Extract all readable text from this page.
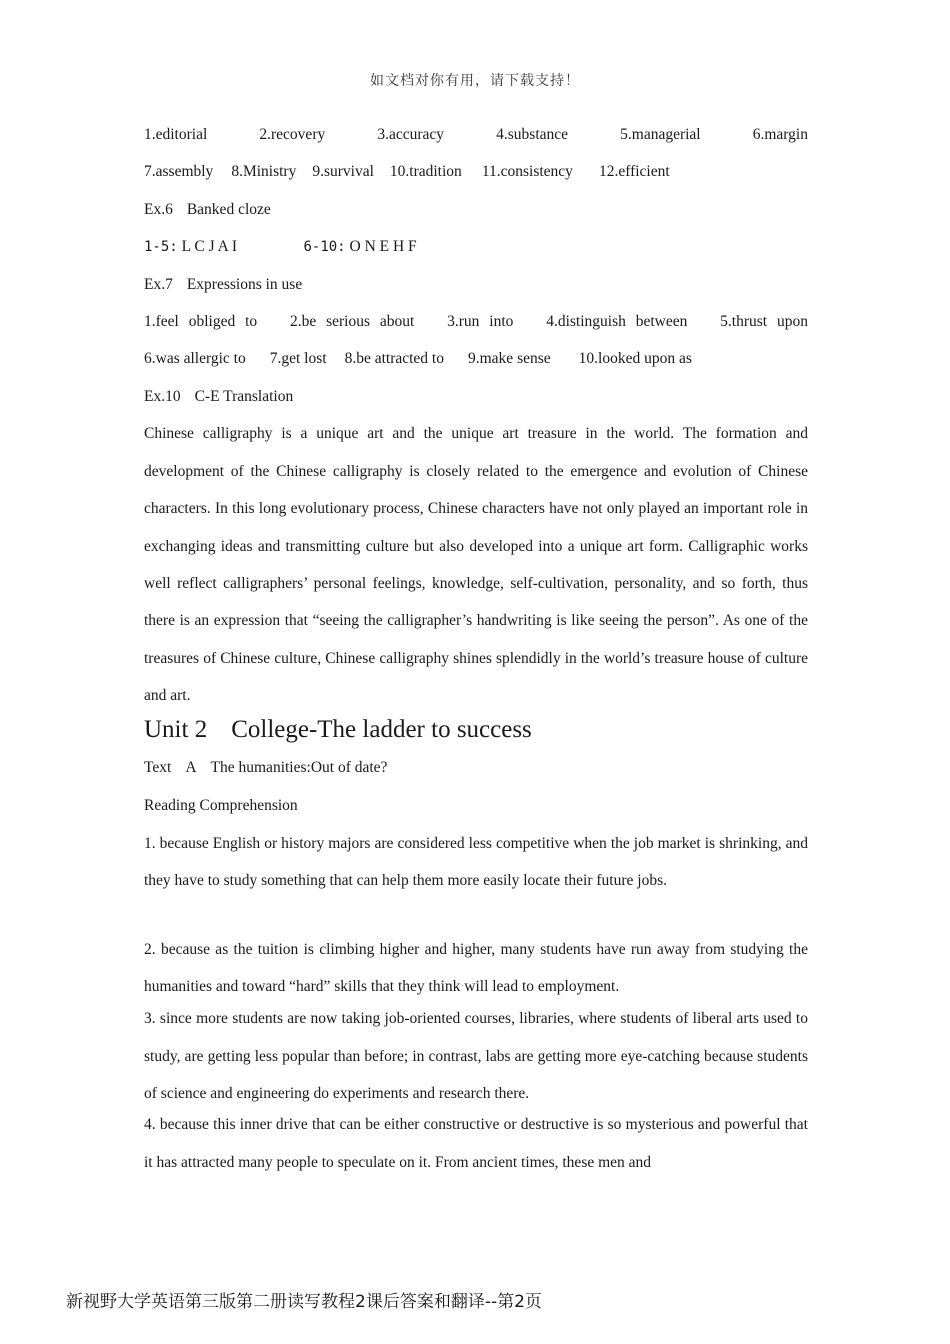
如文档对你有用，请下载支持！
1.editorial	2.recovery	3.accuracy	4.substance	5.managerial	6.margin
7.assembly 8.Ministry 9.survival 10.tradition 11.consistency 12.efficient
Ex.6 Banked cloze
1-5: L C J A I	6-10: O N E H F
Ex.7 Expressions in use
1.feel obliged to 2.be serious about 3.run into 4.distinguish between 5.thrust upon
6.was allergic to 7.get lost 8.be attracted to 9.make sense 10.looked upon as
Ex.10 C-E Translation
Chinese calligraphy is a unique art and the unique art treasure in the world. The formation and development of the Chinese calligraphy is closely related to the emergence and evolution of Chinese characters. In this long evolutionary process, Chinese characters have not only played an important role in exchanging ideas and transmitting culture but also developed into a unique art form. Calligraphic works well reflect calligraphers’ personal feelings, knowledge, self-cultivation, personality, and so forth, thus there is an expression that “seeing the calligrapher’s handwriting is like seeing the person”. As one of the treasures of Chinese culture, Chinese calligraphy shines splendidly in the world’s treasure house of culture and art.
Unit 2 College-The ladder to success
Text A The humanities:Out of date?
Reading Comprehension
1. because English or history majors are considered less competitive when the job market is shrinking, and they have to study something that can help them more easily locate their future jobs.
2. because as the tuition is climbing higher and higher, many students have run away from studying the humanities and toward “hard” skills that they think will lead to employment.
3. since more students are now taking job-oriented courses, libraries, where students of liberal arts used to study, are getting less popular than before; in contrast, labs are getting more eye-catching because students of science and engineering do experiments and research there.
4. because this inner drive that can be either constructive or destructive is so mysterious and powerful that it has attracted many people to speculate on it. From ancient times, these men and
新视野大学英语第三版第二册读写教程2课后答案和翻译--第2页
